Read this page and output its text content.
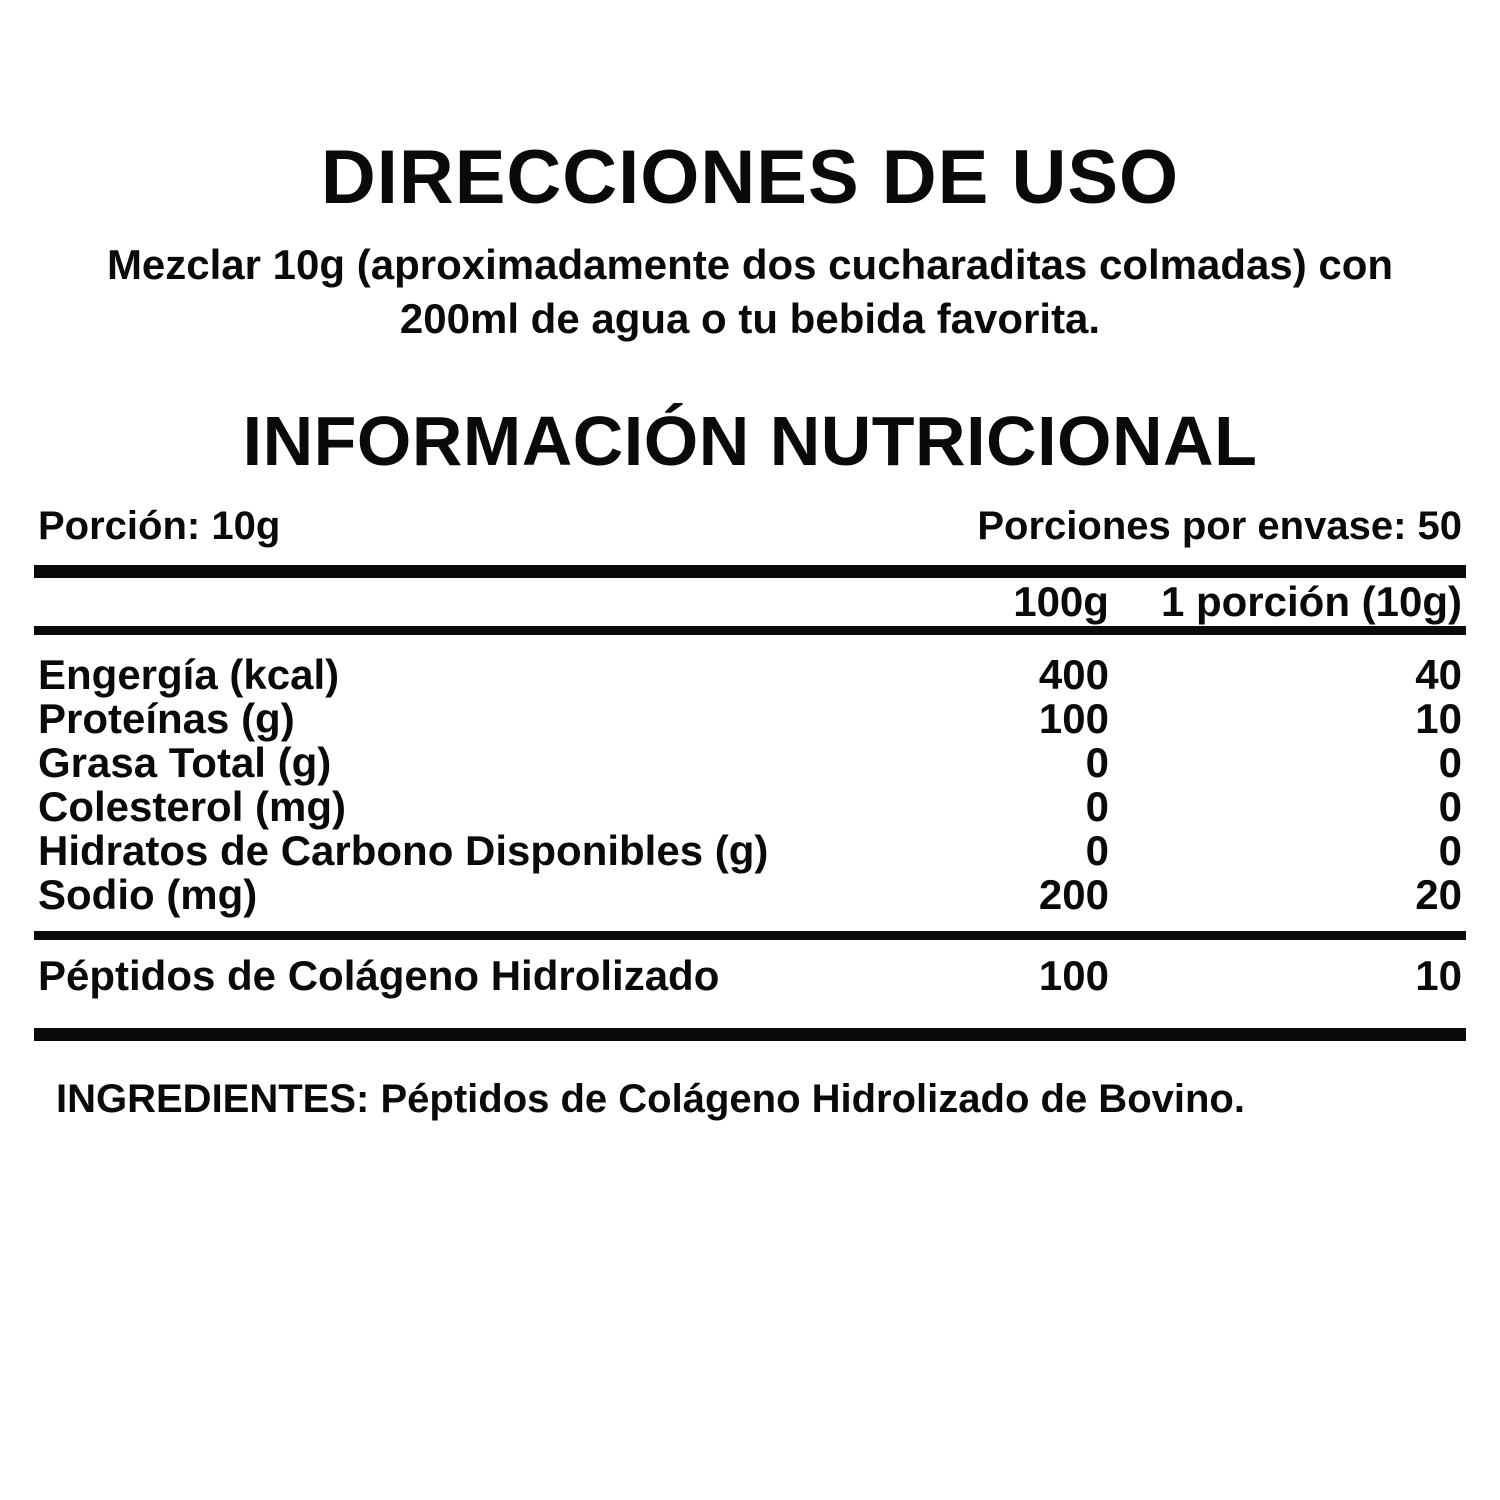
DIRECCIONES DE USO

Mezclar 10g (aproximadamente dos cucharaditas colmadas) con 200ml de agua o tu bebida favorita.

INFORMACIÓN NUTRICIONAL
Porción: 10g	Porciones por envase: 50
	100g	1 porción (10g)
Engergía (kcal)	400	40
Proteínas (g)	100	10
Grasa Total (g)	0	0
Colesterol (mg)	0	0
Hidratos de Carbono Disponibles (g)	0	0
Sodio (mg)	200	20
Péptidos de Colágeno Hidrolizado	100	10

INGREDIENTES: Péptidos de Colágeno Hidrolizado de Bovino.
